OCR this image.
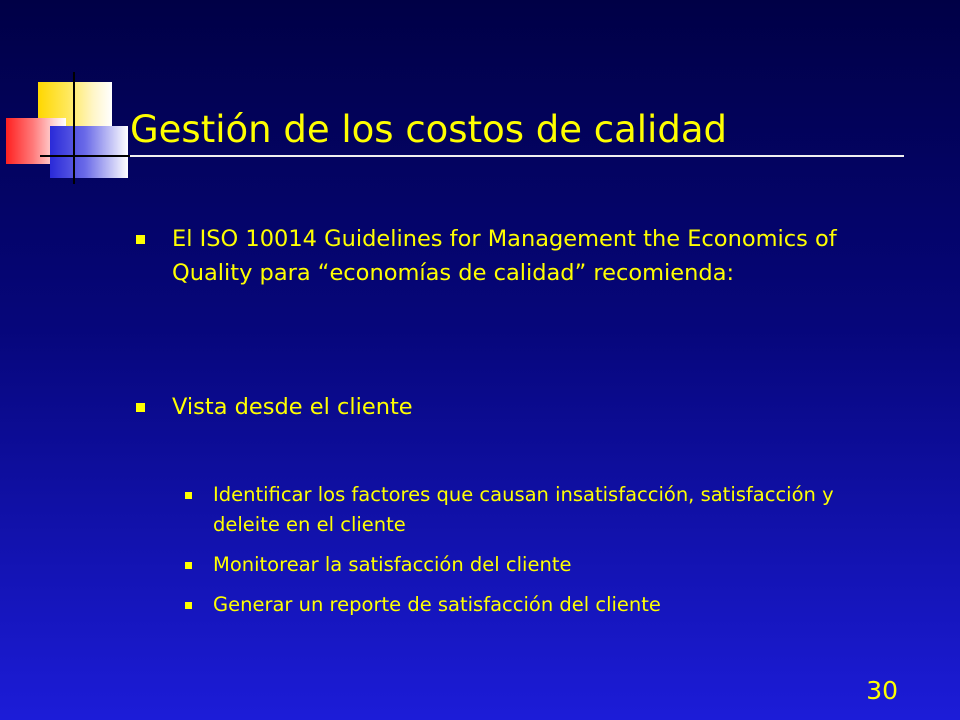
Gestión de los costos de calidad
El ISO 10014 Guidelines for Management the Economics of Quality para “economías de calidad” recomienda:
Vista desde el cliente
Identificar los factores que causan insatisfacción, satisfacción y deleite en el cliente
Monitorear la satisfacción del cliente
Generar un reporte de satisfacción del cliente
30
